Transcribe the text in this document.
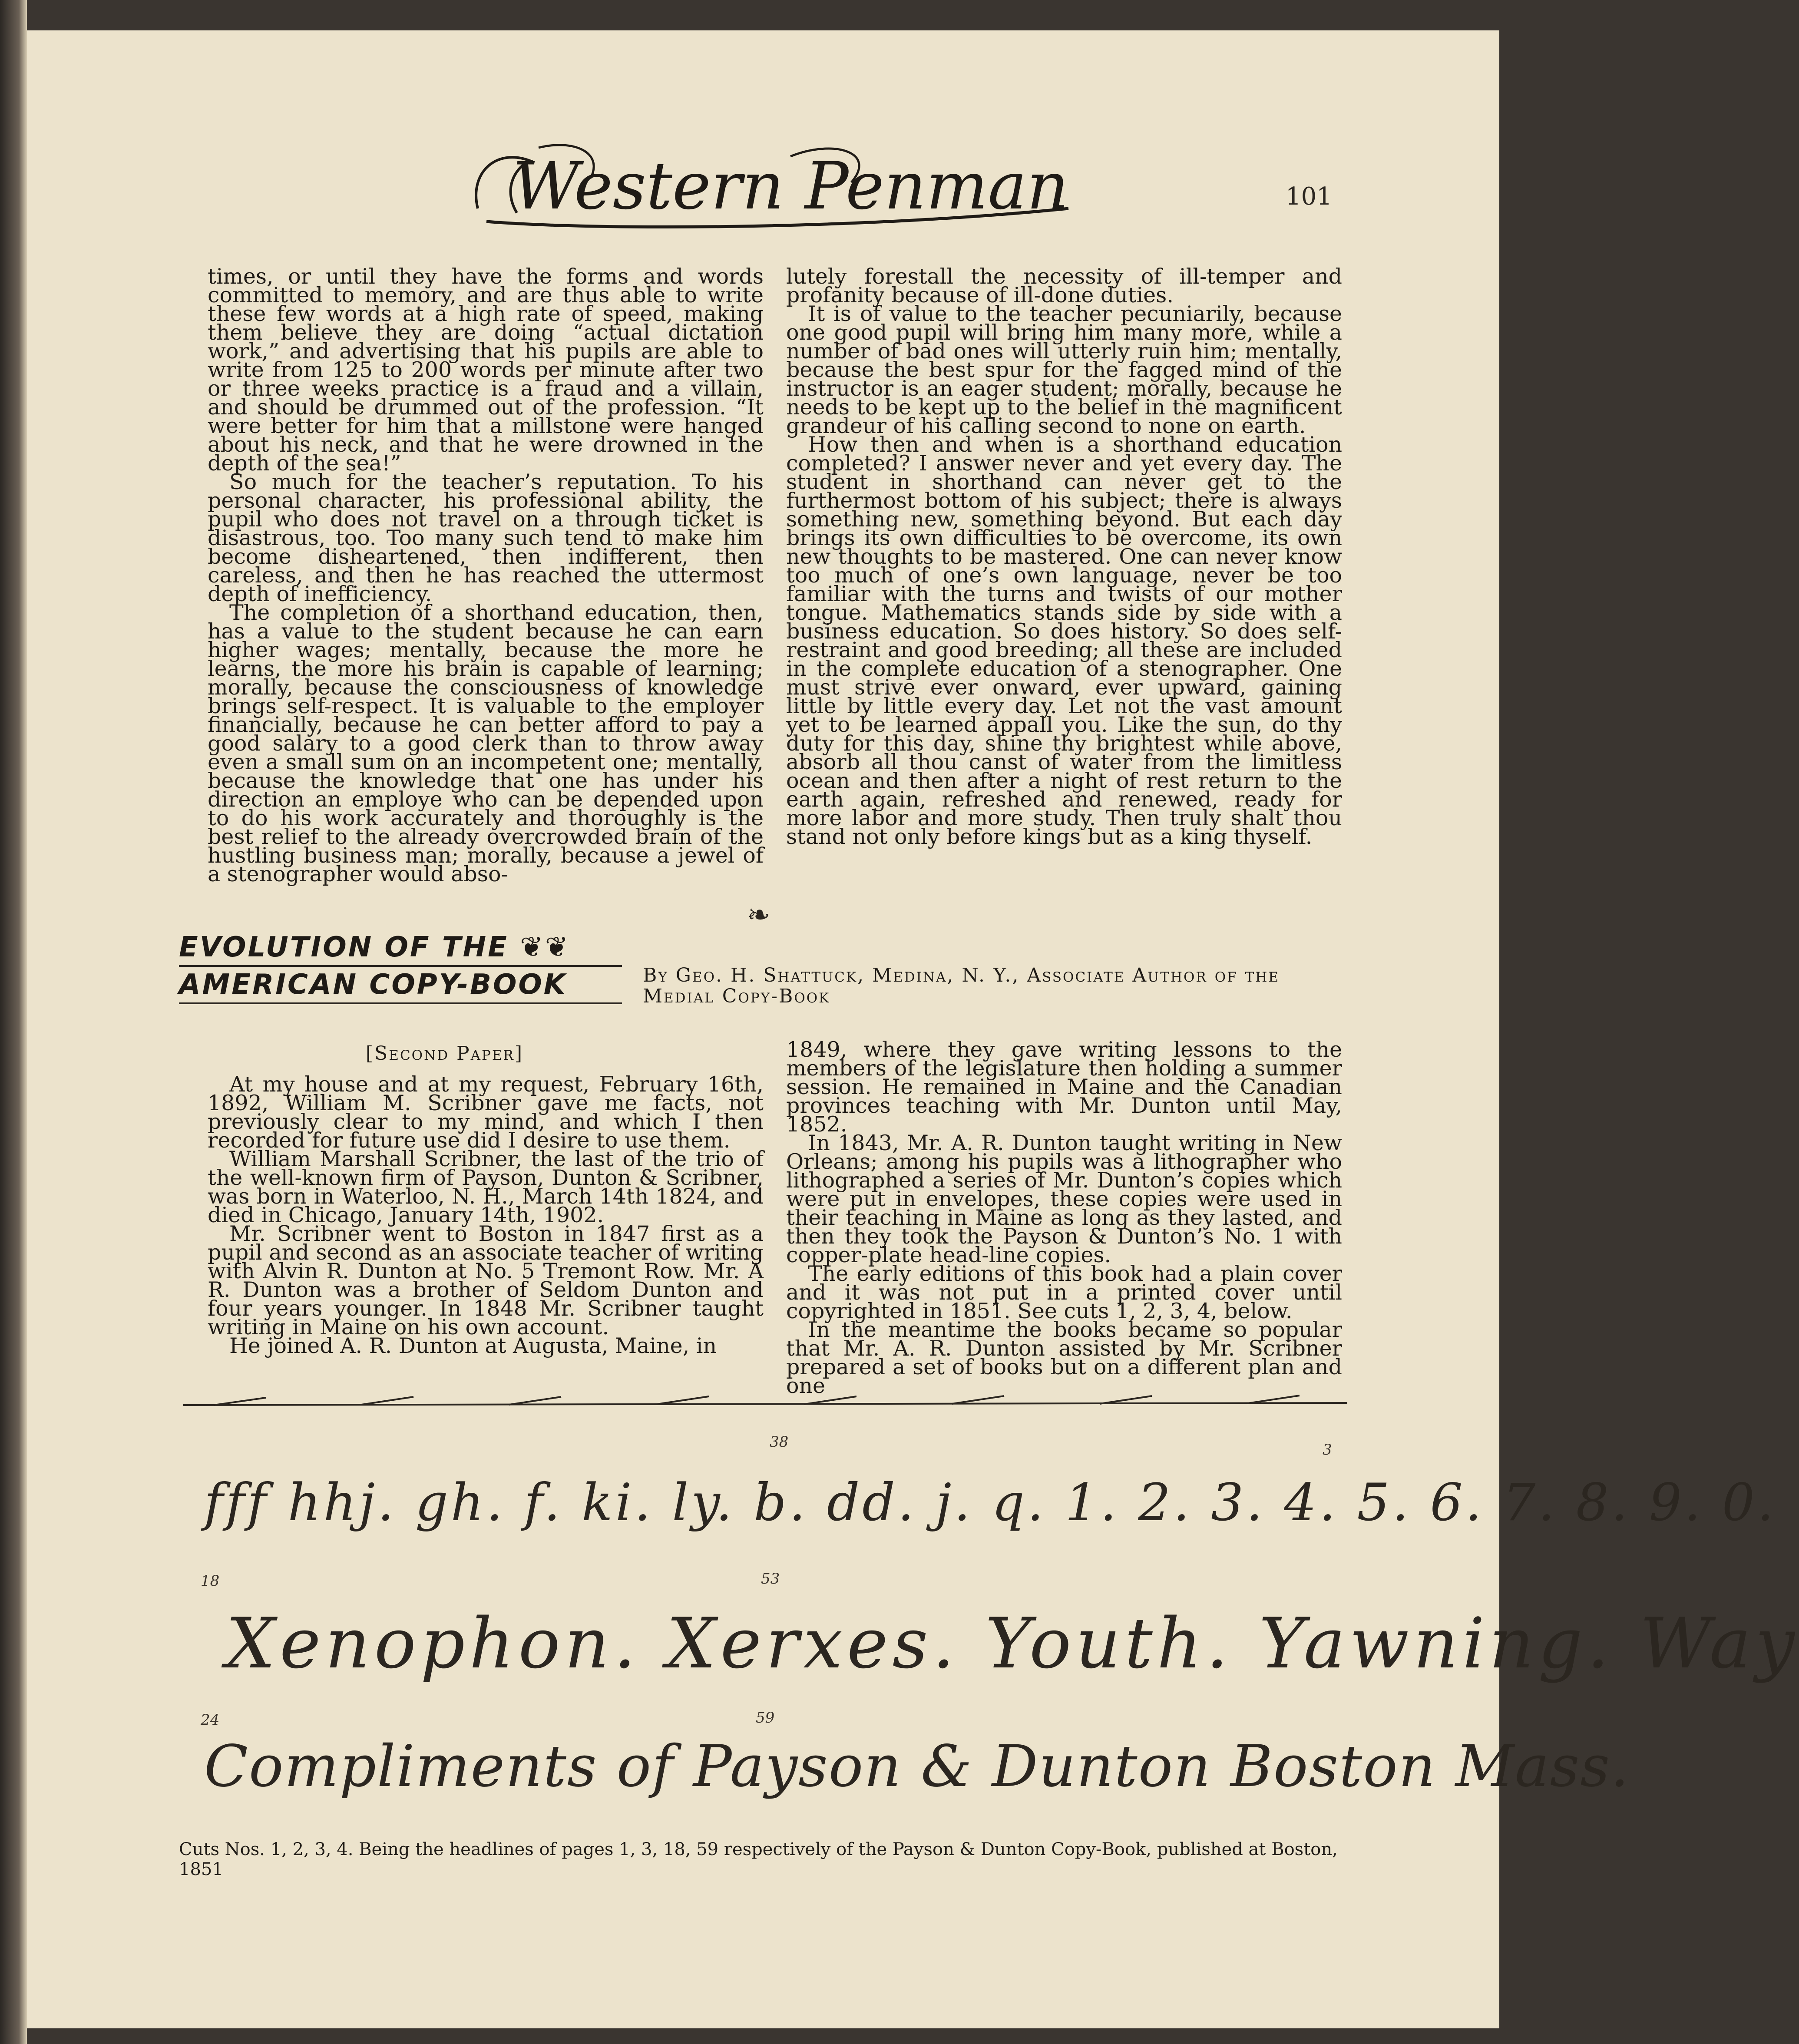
Western Penman	101

times, or until they have the forms and words committed to memory, and are thus able to write these few words at a high rate of speed, making them believe they are doing “actual dictation work,” and advertising that his pupils are able to write from 125 to 200 words per minute after two or three weeks practice is a fraud and a villain, and should be drummed out of the profession. “It were better for him that a millstone were hanged about his neck, and that he were drowned in the depth of the sea!”

So much for the teacher’s reputation. To his personal character, his professional ability, the pupil who does not travel on a through ticket is disastrous, too. Too many such tend to make him become disheartened, then indifferent, then careless, and then he has reached the uttermost depth of inefficiency.

The completion of a shorthand education, then, has a value to the student because he can earn higher wages; mentally, because the more he learns, the more his brain is capable of learning; morally, because the consciousness of knowledge brings self-respect. It is valuable to the employer financially, because he can better afford to pay a good salary to a good clerk than to throw away even a small sum on an incompetent one; mentally, because the knowledge that one has under his direction an employe who can be depended upon to do his work accurately and thoroughly is the best relief to the already overcrowded brain of the hustling business man; morally, because a jewel of a stenographer would abso-

lutely forestall the necessity of ill-temper and profanity because of ill-done duties.

It is of value to the teacher pecuniarily, because one good pupil will bring him many more, while a number of bad ones will utterly ruin him; mentally, because the best spur for the fagged mind of the instructor is an eager student; morally, because he needs to be kept up to the belief in the magnificent grandeur of his calling second to none on earth.

How then and when is a shorthand education completed? I answer never and yet every day. The student in shorthand can never get to the furthermost bottom of his subject; there is always something new, something beyond. But each day brings its own difficulties to be overcome, its own new thoughts to be mastered. One can never know too much of one’s own language, never be too familiar with the turns and twists of our mother tongue. Mathematics stands side by side with a business education. So does history. So does self-restraint and good breeding; all these are included in the complete education of a stenographer. One must strive ever onward, ever upward, gaining little by little every day. Let not the vast amount yet to be learned appall you. Like the sun, do thy duty for this day, shine thy brightest while above, absorb all thou canst of water from the limitless ocean and then after a night of rest return to the earth again, refreshed and renewed, ready for more labor and more study. Then truly shalt thou stand not only before kings but as a king thyself.

❧
EVOLUTION OF THE ❦❦
AMERICAN COPY-BOOK	By Geo. H. Shattuck, Medina, N. Y., Associate Author of the Medial Copy-Book
[Second Paper]

At my house and at my request, February 16th, 1892, William M. Scribner gave me facts, not previously clear to my mind, and which I then recorded for future use did I desire to use them.

William Marshall Scribner, the last of the trio of the well-known firm of Payson, Dunton & Scribner, was born in Waterloo, N. H., March 14th 1824, and died in Chicago, January 14th, 1902.

Mr. Scribner went to Boston in 1847 first as a pupil and second as an associate teacher of writing with Alvin R. Dunton at No. 5 Tremont Row. Mr. A R. Dunton was a brother of Seldom Dunton and four years younger. In 1848 Mr. Scribner taught writing in Maine on his own account.

He joined A. R. Dunton at Augusta, Maine, in

1849, where they gave writing lessons to the members of the legislature then holding a summer session. He remained in Maine and the Canadian provinces teaching with Mr. Dunton until May, 1852.

In 1843, Mr. A. R. Dunton taught writing in New Orleans; among his pupils was a lithographer who lithographed a series of Mr. Dunton’s copies which were put in envelopes, these copies were used in their teaching in Maine as long as they lasted, and then they took the Payson & Dunton’s No. 1 with copper-plate head-line copies.

The early editions of this book had a plain cover and it was not put in a printed cover until copyrighted in 1851. See cuts 1, 2, 3, 4, below.

In the meantime the books became so popular that Mr. A. R. Dunton assisted by Mr. Scribner prepared a set of books but on a different plan and one

38	3
fff hhj. gh. f. ki. ly. b. dd. j. q. 1. 2. 3. 4. 5. 6. 7. 8. 9. 0.
18	53
Xenophon. Xerxes. Youth. Yawning. Way
24	59
Compliments of Payson & Dunton Boston Mass.
Cuts Nos. 1, 2, 3, 4. Being the headlines of pages 1, 3, 18, 59 respectively of the Payson & Dunton Copy-Book, published at Boston, 1851
